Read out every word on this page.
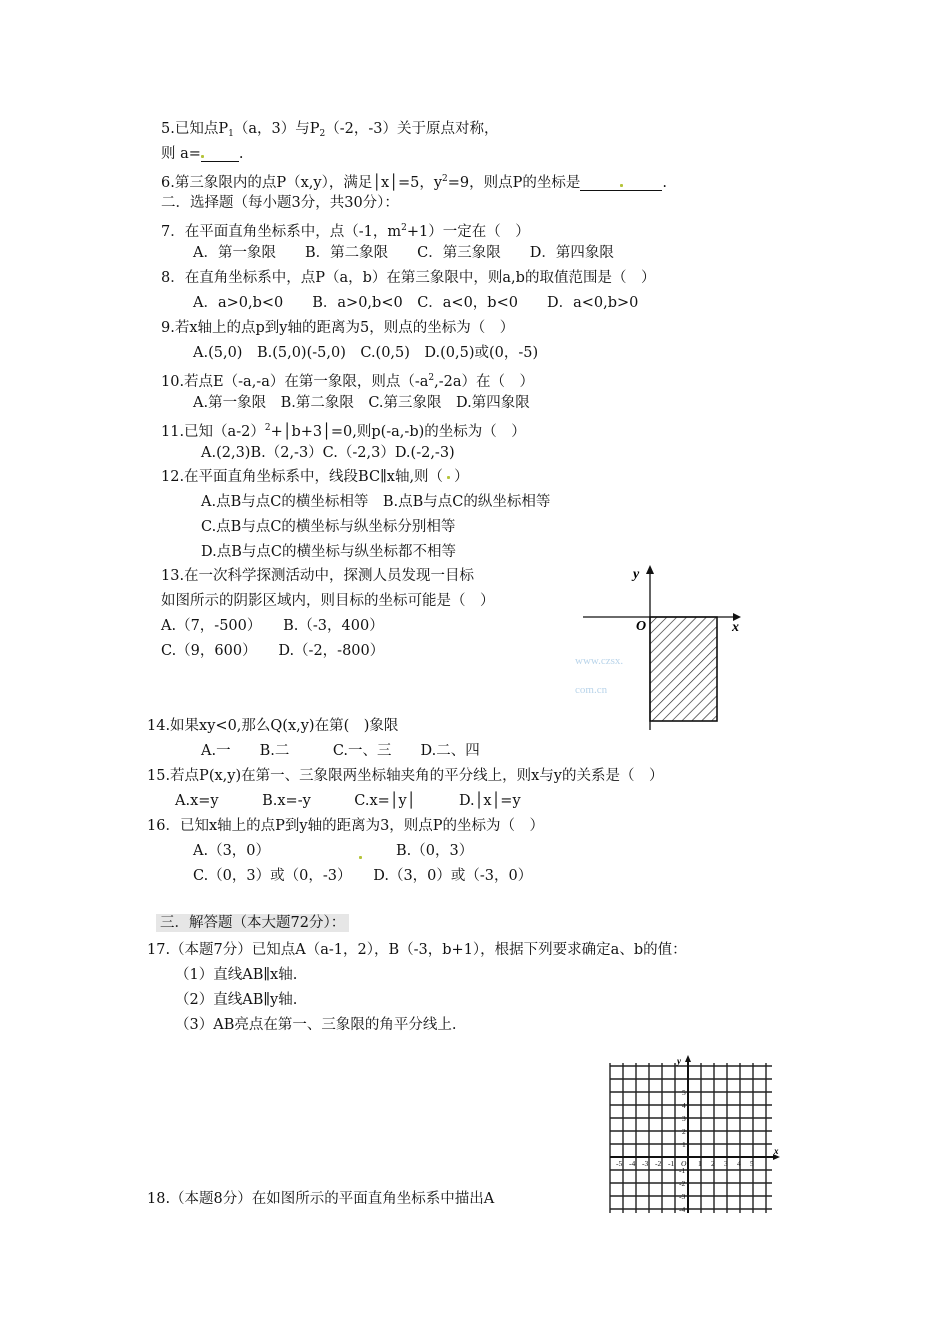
5.已知点$P_1(a$，3）与$P_2(-2$，-3）关于原点对称，
则 a=	.
6.第三象限内的点P（x,y），满足│x│=5，$y^2=9$，则点P的坐标是	.
二．选择题（每小题3分，共30分）：
7．在平面直角坐标系中，点（-1，$m^2+1$）一定在（　）
A．第一象限　　B．第二象限　　C．第三象限　　D．第四象限
8．在直角坐标系中，点P（a，b）在第三象限中，则a,b的取值范围是（　）
A．a>0,b<0　　B．a>0,b<0　C．a<0，b<0　　D．a<0,b>0
9.若x轴上的点p到y轴的距离为5，则点的坐标为（　）
A.(5,0)　B.(5,0)(-5,0)　C.(0,5)　D.(0,5)或(0，-5)
10.若点E（-a,-a）在第一象限，则点$(-a^2,-2a)$在（　）
A.第一象限　B.第二象限　C.第三象限　D.第四象限
11.已知$(a-2)^2+│b+3│=0$,则p(-a,-b)的坐标为（　）
A.(2,3)B.（2,-3）C.（-2,3）D.(-2,-3)
12.在平面直角坐标系中，线段BC∥x轴,则（ ）
A.点B与点C的横坐标相等　B.点B与点C的纵坐标相等
C.点B与点C的横坐标与纵坐标分别相等
D.点B与点C的横坐标与纵坐标都不相等
13.在一次科学探测活动中，探测人员发现一目标
如图所示的阴影区域内，则目标的坐标可能是（　）
A.（7，-500）　　B.（-3，400）
C.（9，600）　　D.（-2，-800）
y
x
O
www.czsx.
com.cn
14.如果xy<0,那么Q(x,y)在第(　)象限
A.一　　B.二　　　C.一、三　　D.二、四
15.若点P(x,y)在第一、三象限两坐标轴夹角的平分线上，则x与y的关系是（　）
A.x=y　　　B.x=-y　　　C.x=│y│　　　D.│x│=y
16．已知x轴上的点P到y轴的距离为3，则点P的坐标为（　）
A.（3，0）	B.（0，3）
C.（0，3）或（0，-3）　　D.（3，0）或（-3，0）
三．解答题（本大题72分）：
17.（本题7分）已知点A（a-1，2），B（-3，b+1），根据下列要求确定a、b的值：
（1）直线AB∥x轴.
（2）直线AB∥y轴.
（3）AB亮点在第一、三象限的角平分线上.
y
x
5
4
3
2
1
-1
-2
-3
-4
-5 -4 -3 -2 -1	1 2 3 4 5
O
18.（本题8分）在如图所示的平面直角坐标系中描出A
